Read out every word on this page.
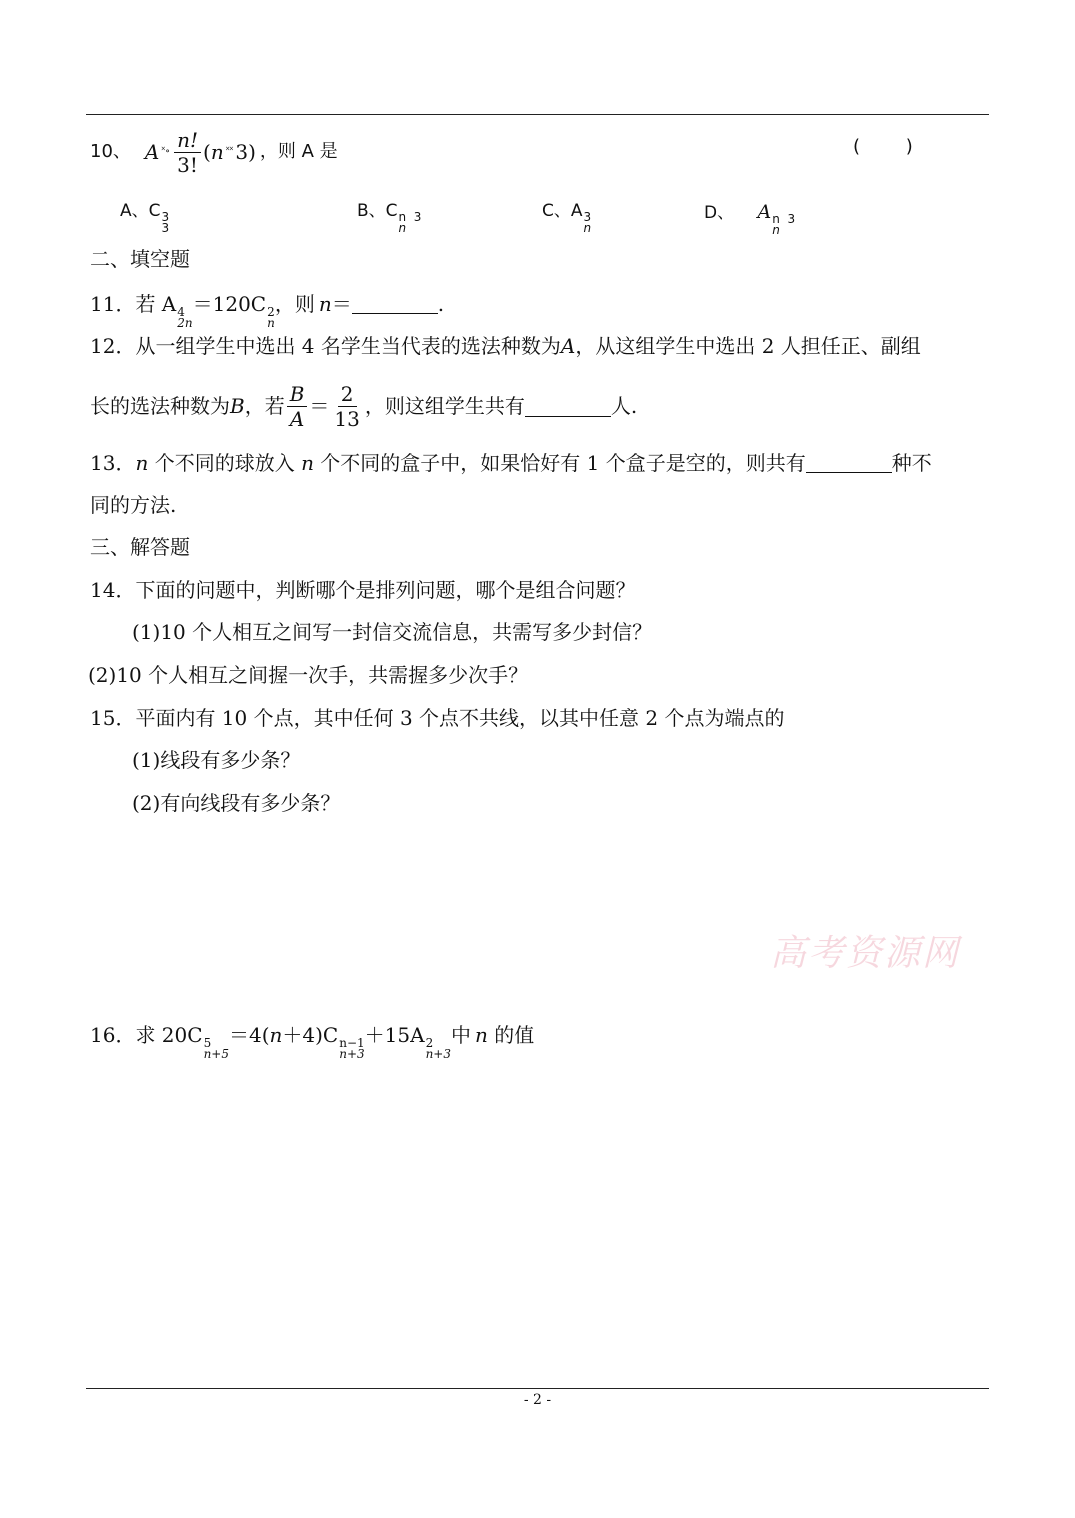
10、 A ˟∘ $\frac{n!}{3!}$ ( n ˟˟ 3) ，则 A 是	(        )
A、C 3
3
B、C n  3
n
C、A 3
n
D、 A n  3
n
二、填空题
11．若 A 4
2n
＝120C 2
n
，则 n＝	.
12．从一组学生中选出 4 名学生当代表的选法种数为A，从这组学生中选出 2 人担任正、副组
长的选法种数为 B ，若 $\frac{B}{A} = \frac{2}{13}$ ，则这组学生共有	人.
13．n 个不同的球放入 n 个不同的盒子中，如果恰好有 1 个盒子是空的，则共有	种不
同的方法.
三、解答题
14．下面的问题中，判断哪个是排列问题，哪个是组合问题？
(1)10 个人相互之间写一封信交流信息，共需写多少封信？
(2)10 个人相互之间握一次手，共需握多少次手？
15．平面内有 10 个点，其中任何 3 个点不共线，以其中任意 2 个点为端点的
(1)线段有多少条？
(2)有向线段有多少条？
高考资源网
16．求 20C 5
n+5
＝4(n＋4)C n−1
n+3
＋15A 2
n+3
中 n 的值
- 2 -
